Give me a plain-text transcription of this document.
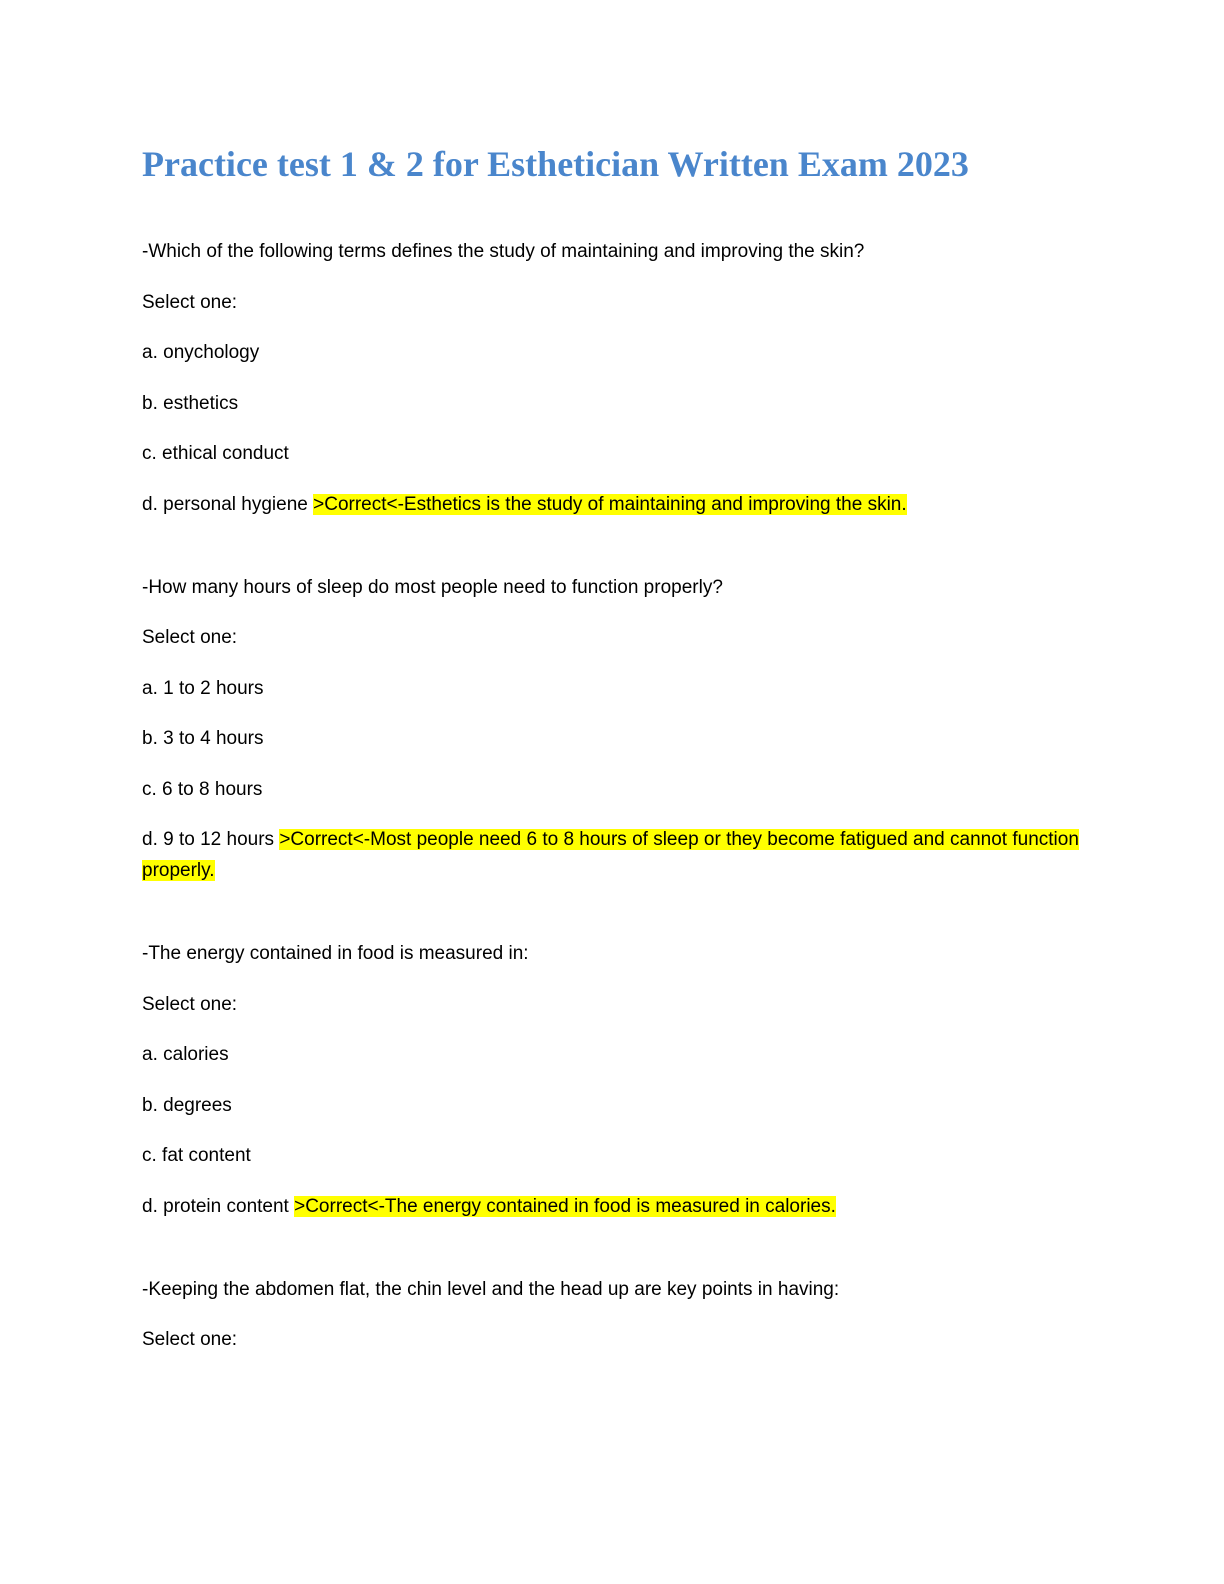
Practice test 1 & 2 for Esthetician Written Exam 2023

-Which of the following terms defines the study of maintaining and improving the skin?

Select one:

a. onychology

b. esthetics

c. ethical conduct

d. personal hygiene >Correct<-Esthetics is the study of maintaining and improving the skin.

-How many hours of sleep do most people need to function properly?

Select one:

a. 1 to 2 hours

b. 3 to 4 hours

c. 6 to 8 hours

d. 9 to 12 hours >Correct<-Most people need 6 to 8 hours of sleep or they become fatigued and cannot function properly.

-The energy contained in food is measured in:

Select one:

a. calories

b. degrees

c. fat content

d. protein content >Correct<-The energy contained in food is measured in calories.

-Keeping the abdomen flat, the chin level and the head up are key points in having:

Select one:
